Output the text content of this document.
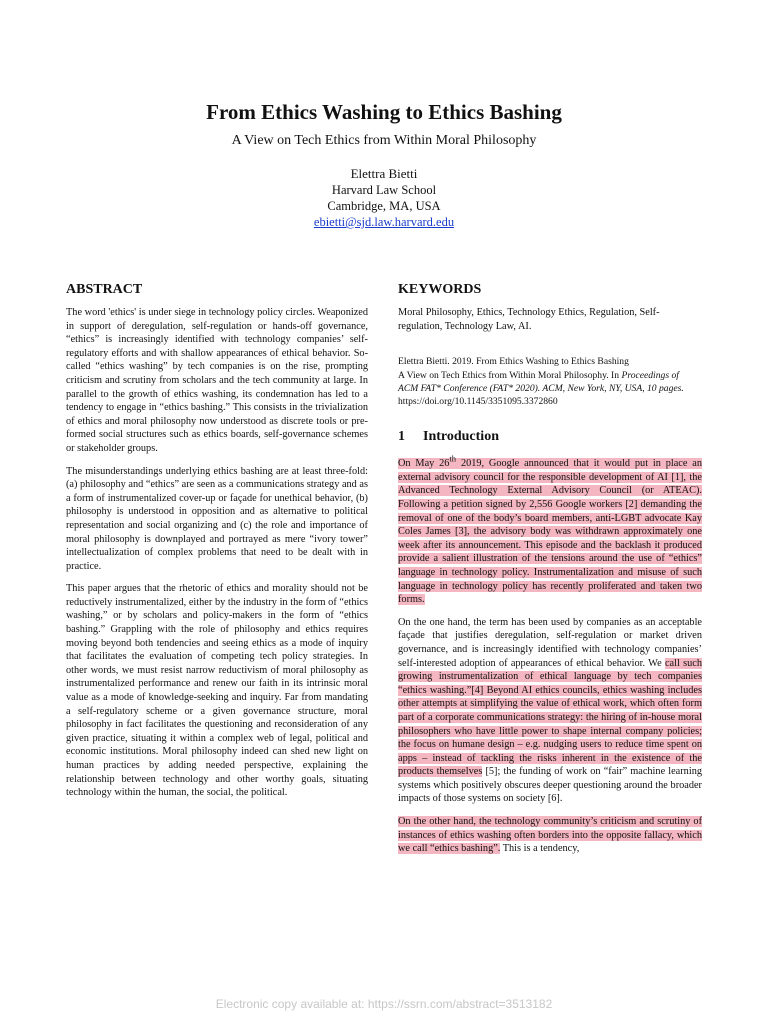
From Ethics Washing to Ethics Bashing
A View on Tech Ethics from Within Moral Philosophy
Elettra Bietti
Harvard Law School
Cambridge, MA, USA
ebietti@sjd.law.harvard.edu
ABSTRACT

The word 'ethics' is under siege in technology policy circles. Weaponized in support of deregulation, self-regulation or hands-off governance, “ethics” is increasingly identified with technology companies’ self-regulatory efforts and with shallow appearances of ethical behavior. So-called “ethics washing” by tech companies is on the rise, prompting criticism and scrutiny from scholars and the tech community at large. In parallel to the growth of ethics washing, its condemnation has led to a tendency to engage in “ethics bashing.” This consists in the trivialization of ethics and moral philosophy now understood as discrete tools or pre-formed social structures such as ethics boards, self-governance schemes or stakeholder groups.

The misunderstandings underlying ethics bashing are at least three-fold: (a) philosophy and “ethics” are seen as a communications strategy and as a form of instrumentalized cover-up or façade for unethical behavior, (b) philosophy is understood in opposition and as alternative to political representation and social organizing and (c) the role and importance of moral philosophy is downplayed and portrayed as mere “ivory tower” intellectualization of complex problems that need to be dealt with in practice.

This paper argues that the rhetoric of ethics and morality should not be reductively instrumentalized, either by the industry in the form of “ethics washing,” or by scholars and policy-makers in the form of “ethics bashing.” Grappling with the role of philosophy and ethics requires moving beyond both tendencies and seeing ethics as a mode of inquiry that facilitates the evaluation of competing tech policy strategies. In other words, we must resist narrow reductivism of moral philosophy as instrumentalized performance and renew our faith in its intrinsic moral value as a mode of knowledge-seeking and inquiry. Far from mandating a self-regulatory scheme or a given governance structure, moral philosophy in fact facilitates the questioning and reconsideration of any given practice, situating it within a complex web of legal, political and economic institutions. Moral philosophy indeed can shed new light on human practices by adding needed perspective, explaining the relationship between technology and other worthy goals, situating technology within the human, the social, the political.

KEYWORDS

Moral Philosophy, Ethics, Technology Ethics, Regulation, Self-regulation, Technology Law, AI.

Elettra Bietti. 2019. From Ethics Washing to Ethics Bashing

A View on Tech Ethics from Within Moral Philosophy. In Proceedings of

ACM FAT* Conference (FAT* 2020). ACM, New York, NY, USA, 10 pages.

https://doi.org/10.1145/3351095.3372860

1 Introduction

On May 26th 2019, Google announced that it would put in place an external advisory council for the responsible development of AI [1], the Advanced Technology External Advisory Council (or ATEAC). Following a petition signed by 2,556 Google workers [2] demanding the removal of one of the body’s board members, anti-LGBT advocate Kay Coles James [3], the advisory body was withdrawn approximately one week after its announcement. This episode and the backlash it produced provide a salient illustration of the tensions around the use of “ethics” language in technology policy. Instrumentalization and misuse of such language in technology policy has recently proliferated and taken two forms.

On the one hand, the term has been used by companies as an acceptable façade that justifies deregulation, self-regulation or market driven governance, and is increasingly identified with technology companies’ self-interested adoption of appearances of ethical behavior. We call such growing instrumentalization of ethical language by tech companies “ethics washing.”[4] Beyond AI ethics councils, ethics washing includes other attempts at simplifying the value of ethical work, which often form part of a corporate communications strategy: the hiring of in-house moral philosophers who have little power to shape internal company policies; the focus on humane design – e.g. nudging users to reduce time spent on apps – instead of tackling the risks inherent in the existence of the products themselves [5]; the funding of work on “fair” machine learning systems which positively obscures deeper questioning around the broader impacts of those systems on society [6].

On the other hand, the technology community’s criticism and scrutiny of instances of ethics washing often borders into the opposite fallacy, which we call “ethics bashing”. This is a tendency,

Electronic copy available at: https://ssrn.com/abstract=3513182
